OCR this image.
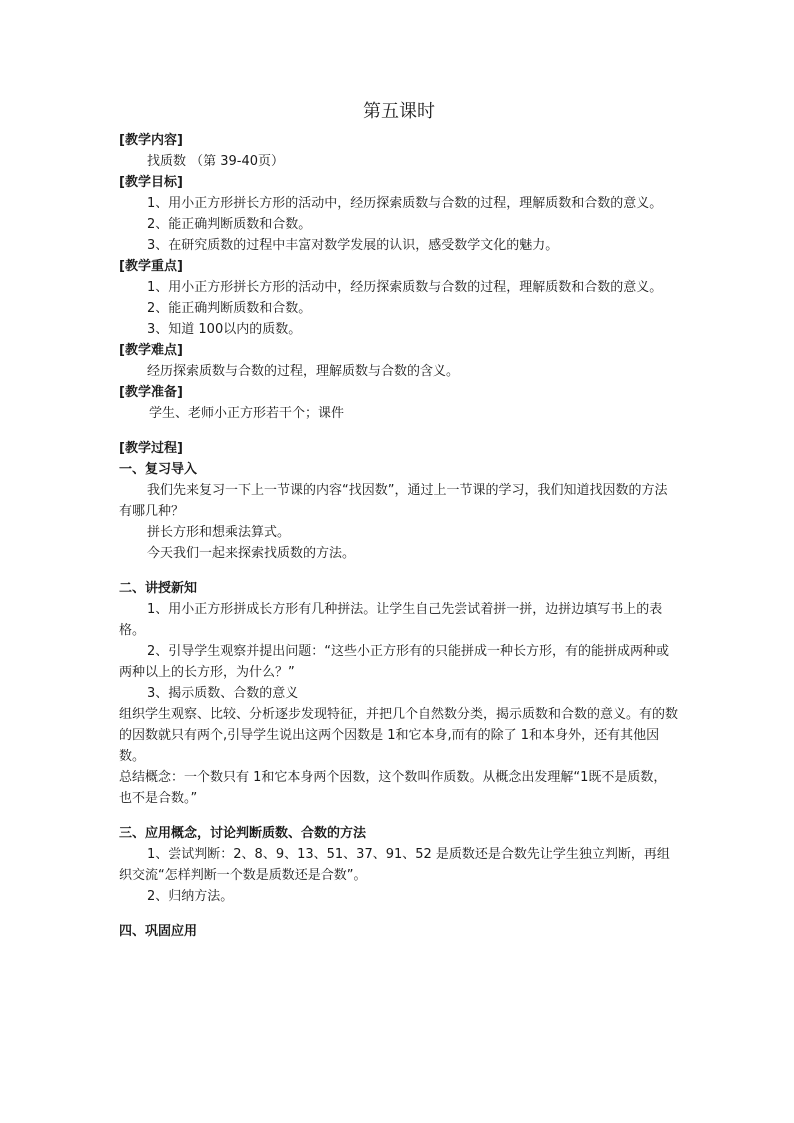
第五课时
[教学内容]
找质数 （第 39-40页）
[教学目标]
1、用小正方形拼长方形的活动中，经历探索质数与合数的过程，理解质数和合数的意义。
2、能正确判断质数和合数。
3、在研究质数的过程中丰富对数学发展的认识，感受数学文化的魅力。
[教学重点]
1、用小正方形拼长方形的活动中，经历探索质数与合数的过程，理解质数和合数的意义。
2、能正确判断质数和合数。
3、知道 100以内的质数。
[教学难点]
经历探索质数与合数的过程，理解质数与合数的含义。
[教学准备]
学生、老师小正方形若干个；课件
[教学过程]
一、复习导入
我们先来复习一下上一节课的内容“找因数”，通过上一节课的学习，我们知道找因数的方法有哪几种？
拼长方形和想乘法算式。
今天我们一起来探索找质数的方法。
二、讲授新知
1、用小正方形拼成长方形有几种拼法。让学生自己先尝试着拼一拼，边拼边填写书上的表格。
2、引导学生观察并提出问题：“这些小正方形有的只能拼成一种长方形，有的能拼成两种或两种以上的长方形，为什么？”
3、揭示质数、合数的意义
组织学生观察、比较、分析逐步发现特征，并把几个自然数分类，揭示质数和合数的意义。有的数的因数就只有两个,引导学生说出这两个因数是 1和它本身,而有的除了 1和本身外，还有其他因数。
总结概念：一个数只有 1和它本身两个因数，这个数叫作质数。从概念出发理解“1既不是质数，也不是合数。”
三、应用概念，讨论判断质数、合数的方法
1、尝试判断：2、8、9、13、51、37、91、52 是质数还是合数先让学生独立判断，再组织交流“怎样判断一个数是质数还是合数”。
2、归纳方法。
四、巩固应用
